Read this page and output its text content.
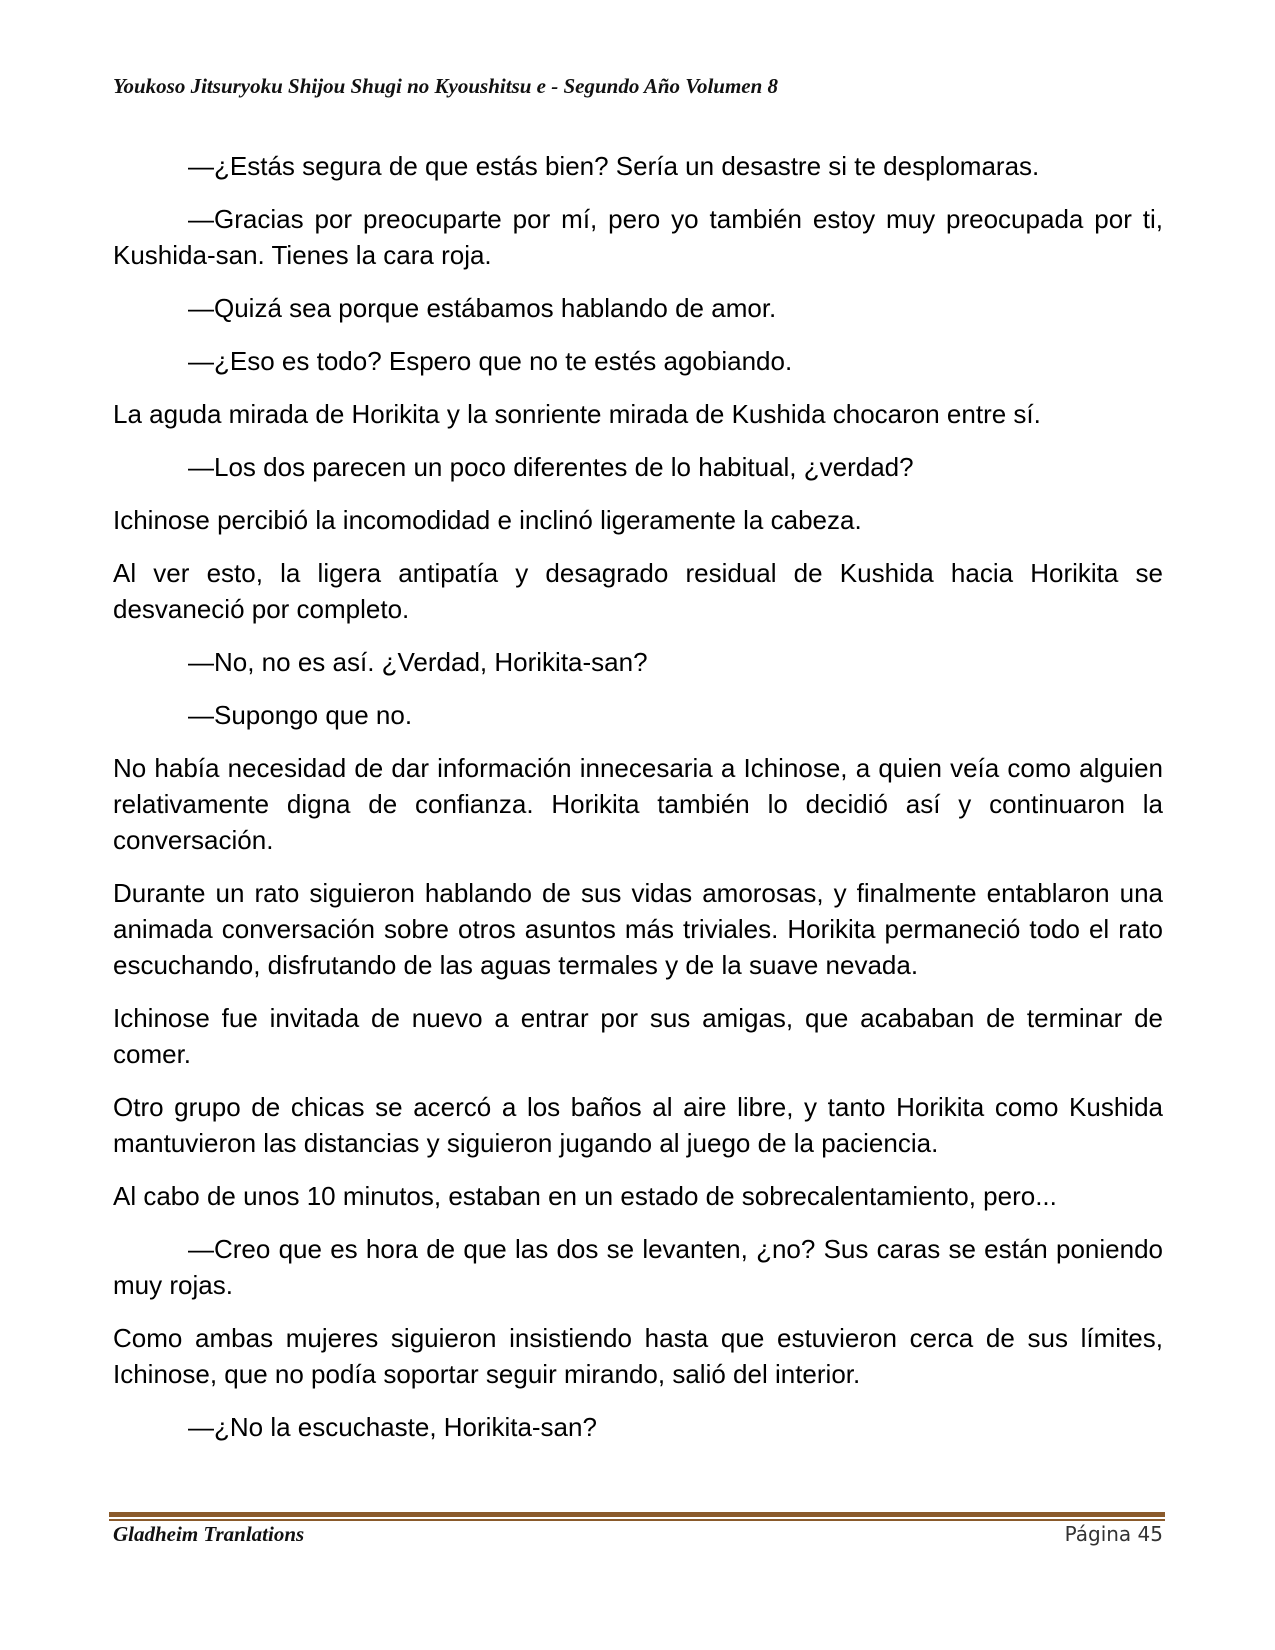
Youkoso Jitsuryoku Shijou Shugi no Kyoushitsu e - Segundo Año Volumen 8

—¿Estás segura de que estás bien? Sería un desastre si te desplomaras.

—Gracias por preocuparte por mí, pero yo también estoy muy preocupada por ti, Kushida-san. Tienes la cara roja.

—Quizá sea porque estábamos hablando de amor.

—¿Eso es todo? Espero que no te estés agobiando.

La aguda mirada de Horikita y la sonriente mirada de Kushida chocaron entre sí.

—Los dos parecen un poco diferentes de lo habitual, ¿verdad?

Ichinose percibió la incomodidad e inclinó ligeramente la cabeza.

Al ver esto, la ligera antipatía y desagrado residual de Kushida hacia Horikita se desvaneció por completo.

—No, no es así. ¿Verdad, Horikita-san?

—Supongo que no.

No había necesidad de dar información innecesaria a Ichinose, a quien veía como alguien relativamente digna de confianza. Horikita también lo decidió así y continuaron la conversación.

Durante un rato siguieron hablando de sus vidas amorosas, y finalmente entablaron una animada conversación sobre otros asuntos más triviales. Horikita permaneció todo el rato escuchando, disfrutando de las aguas termales y de la suave nevada.

Ichinose fue invitada de nuevo a entrar por sus amigas, que acababan de terminar de comer.

Otro grupo de chicas se acercó a los baños al aire libre, y tanto Horikita como Kushida mantuvieron las distancias y siguieron jugando al juego de la paciencia.

Al cabo de unos 10 minutos, estaban en un estado de sobrecalentamiento, pero...

—Creo que es hora de que las dos se levanten, ¿no? Sus caras se están poniendo muy rojas.

Como ambas mujeres siguieron insistiendo hasta que estuvieron cerca de sus límites, Ichinose, que no podía soportar seguir mirando, salió del interior.

—¿No la escuchaste, Horikita-san?

Gladheim Tranlations	Página 45
